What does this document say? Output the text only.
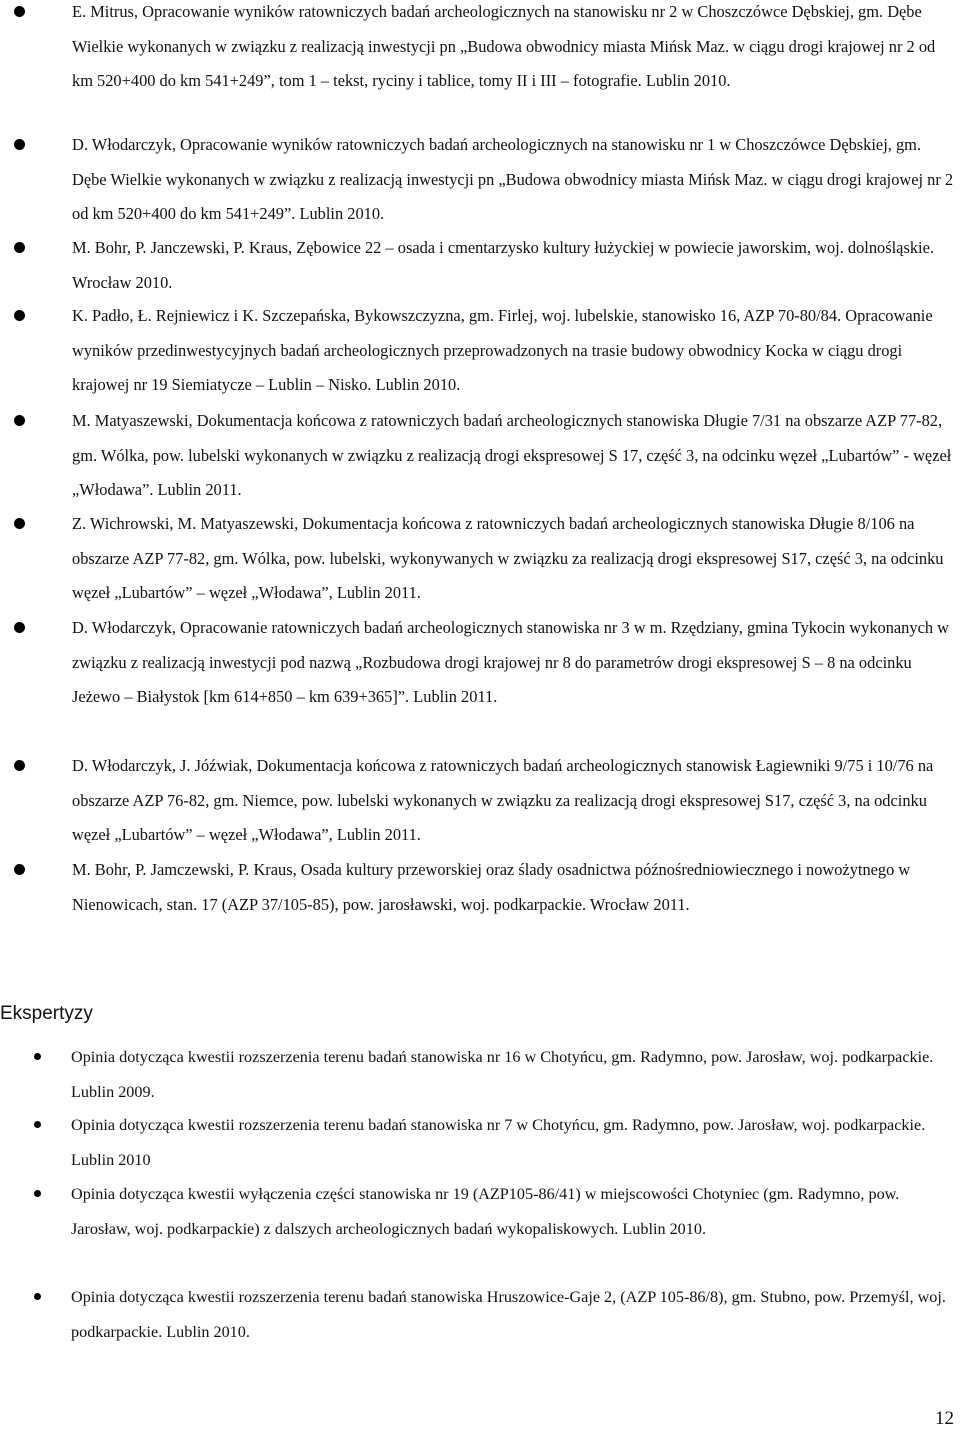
E. Mitrus, Opracowanie wyników ratowniczych badań archeologicznych na stanowisku nr 2 w Choszczówce Dębskiej, gm. Dębe Wielkie wykonanych w związku z realizacją inwestycji pn „Budowa obwodnicy miasta Mińsk Maz. w ciągu drogi krajowej nr 2 od km 520+400 do km 541+249”, tom 1 – tekst, ryciny i tablice, tomy II i III – fotografie. Lublin 2010.
D. Włodarczyk, Opracowanie wyników ratowniczych badań archeologicznych na stanowisku nr 1 w Choszczówce Dębskiej, gm. Dębe Wielkie wykonanych w związku z realizacją inwestycji pn „Budowa obwodnicy miasta Mińsk Maz. w ciągu drogi krajowej nr 2 od km 520+400 do km 541+249”. Lublin 2010.
M. Bohr, P. Janczewski, P. Kraus, Zębowice 22 – osada i cmentarzysko kultury łużyckiej w powiecie jaworskim, woj. dolnośląskie. Wrocław 2010.
K. Padło, Ł. Rejniewicz i K. Szczepańska, Bykowszczyzna, gm. Firlej, woj. lubelskie, stanowisko 16, AZP 70-80/84. Opracowanie wyników przedinwestycyjnych badań archeologicznych przeprowadzonych na trasie budowy obwodnicy Kocka w ciągu drogi krajowej nr 19 Siemiatycze – Lublin – Nisko. Lublin 2010.
M. Matyaszewski, Dokumentacja końcowa z ratowniczych badań archeologicznych stanowiska Długie 7/31 na obszarze AZP 77-82, gm. Wólka, pow. lubelski wykonanych w związku z realizacją drogi ekspresowej S 17, część 3, na odcinku węzeł „Lubartów” - węzeł „Włodawa”. Lublin 2011.
Z. Wichrowski, M. Matyaszewski, Dokumentacja końcowa z ratowniczych badań archeologicznych stanowiska Długie 8/106 na obszarze AZP 77-82, gm. Wólka, pow. lubelski, wykonywanych w związku za realizacją drogi ekspresowej S17, część 3, na odcinku węzeł „Lubartów” – węzeł „Włodawa”, Lublin 2011.
D. Włodarczyk, Opracowanie ratowniczych badań archeologicznych stanowiska nr 3 w m. Rzędziany, gmina Tykocin wykonanych w związku z realizacją inwestycji pod nazwą „Rozbudowa drogi krajowej nr 8 do parametrów drogi ekspresowej S – 8 na odcinku Jeżewo – Białystok [km 614+850 – km 639+365]”. Lublin 2011.
D. Włodarczyk, J. Jóźwiak, Dokumentacja końcowa z ratowniczych badań archeologicznych stanowisk Łagiewniki 9/75 i 10/76 na obszarze AZP 76-82, gm. Niemce, pow. lubelski wykonanych w związku za realizacją drogi ekspresowej S17, część 3, na odcinku węzeł „Lubartów” – węzeł „Włodawa”, Lublin 2011.
M. Bohr, P. Jamczewski, P. Kraus, Osada kultury przeworskiej oraz ślady osadnictwa późnośredniowiecznego i nowożytnego w Nienowicach, stan. 17 (AZP 37/105-85), pow. jarosławski, woj. podkarpackie. Wrocław 2011.
Ekspertyzy
Opinia dotycząca kwestii rozszerzenia terenu badań stanowiska nr 16 w Chotyńcu, gm. Radymno, pow. Jarosław, woj. podkarpackie. Lublin 2009.
Opinia dotycząca kwestii rozszerzenia terenu badań stanowiska nr 7 w Chotyńcu, gm. Radymno, pow. Jarosław, woj. podkarpackie. Lublin 2010
Opinia dotycząca kwestii wyłączenia części stanowiska nr 19 (AZP105-86/41) w miejscowości Chotyniec (gm. Radymno, pow. Jarosław, woj. podkarpackie) z dalszych archeologicznych badań wykopaliskowych. Lublin 2010.
Opinia dotycząca kwestii rozszerzenia terenu badań stanowiska Hruszowice-Gaje 2, (AZP 105-86/8), gm. Stubno, pow. Przemyśl, woj. podkarpackie. Lublin 2010.
12
